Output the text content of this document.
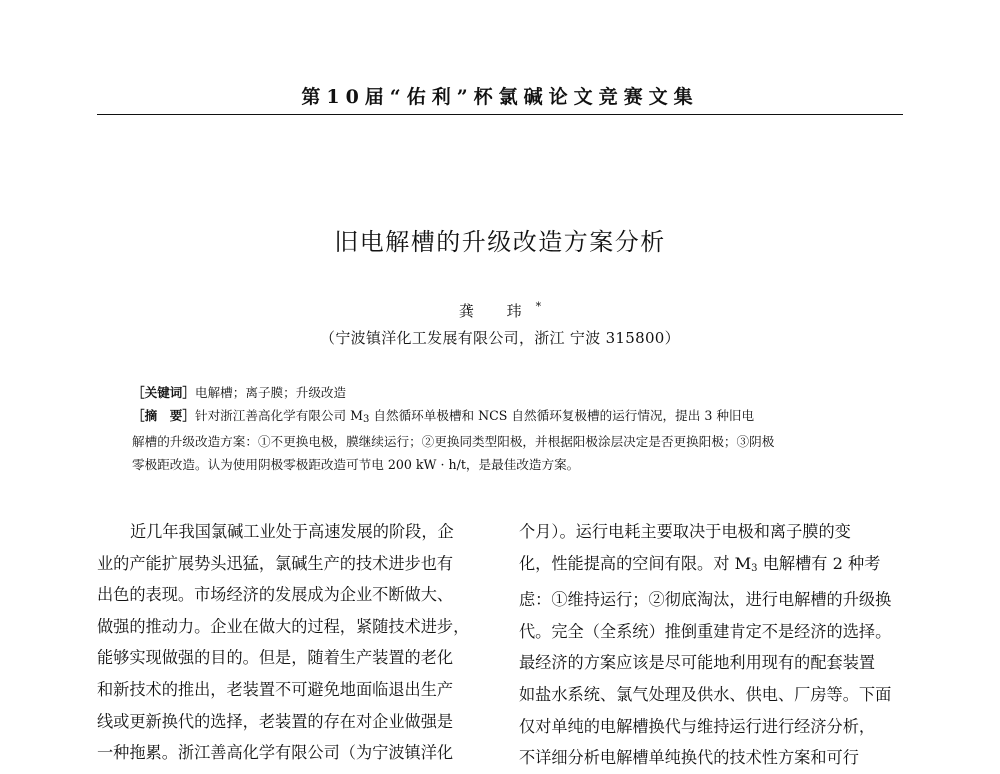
第10届“佑利”杯氯碱论文竞赛文集
旧电解槽的升级改造方案分析
龚 玮*
（宁波镇洋化工发展有限公司，浙江 宁波 315800）
［关键词］电解槽；离子膜；升级改造
［摘　要］针对浙江善高化学有限公司 $M_3$ 自然循环单极槽和 NCS 自然循环复极槽的运行情况，提出 3 种旧电
解槽的升级改造方案：①不更换电极，膜继续运行；②更换同类型阳极，并根据阳极涂层决定是否更换阳极；③阴极
零极距改造。认为使用阴极零极距改造可节电 200 kW · h/t，是最佳改造方案。
近几年我国氯碱工业处于高速发展的阶段，企
业的产能扩展势头迅猛，氯碱生产的技术进步也有
出色的表现。市场经济的发展成为企业不断做大、
做强的推动力。企业在做大的过程，紧随技术进步，
能够实现做强的目的。但是，随着生产装置的老化
和新技术的推出，老装置不可避免地面临退出生产
线或更新换代的选择，老装置的存在对企业做强是
一种拖累。浙江善高化学有限公司（为宁波镇洋化
个月）。运行电耗主要取决于电极和离子膜的变
化，性能提高的空间有限。对 $M_3$ 电解槽有 2 种考
虑：①维持运行；②彻底淘汰，进行电解槽的升级换
代。完全（全系统）推倒重建肯定不是经济的选择。
最经济的方案应该是尽可能地利用现有的配套装置
如盐水系统、氯气处理及供水、供电、厂房等。下面
仅对单纯的电解槽换代与维持运行进行经济分析，
不详细分析电解槽单纯换代的技术性方案和可行
